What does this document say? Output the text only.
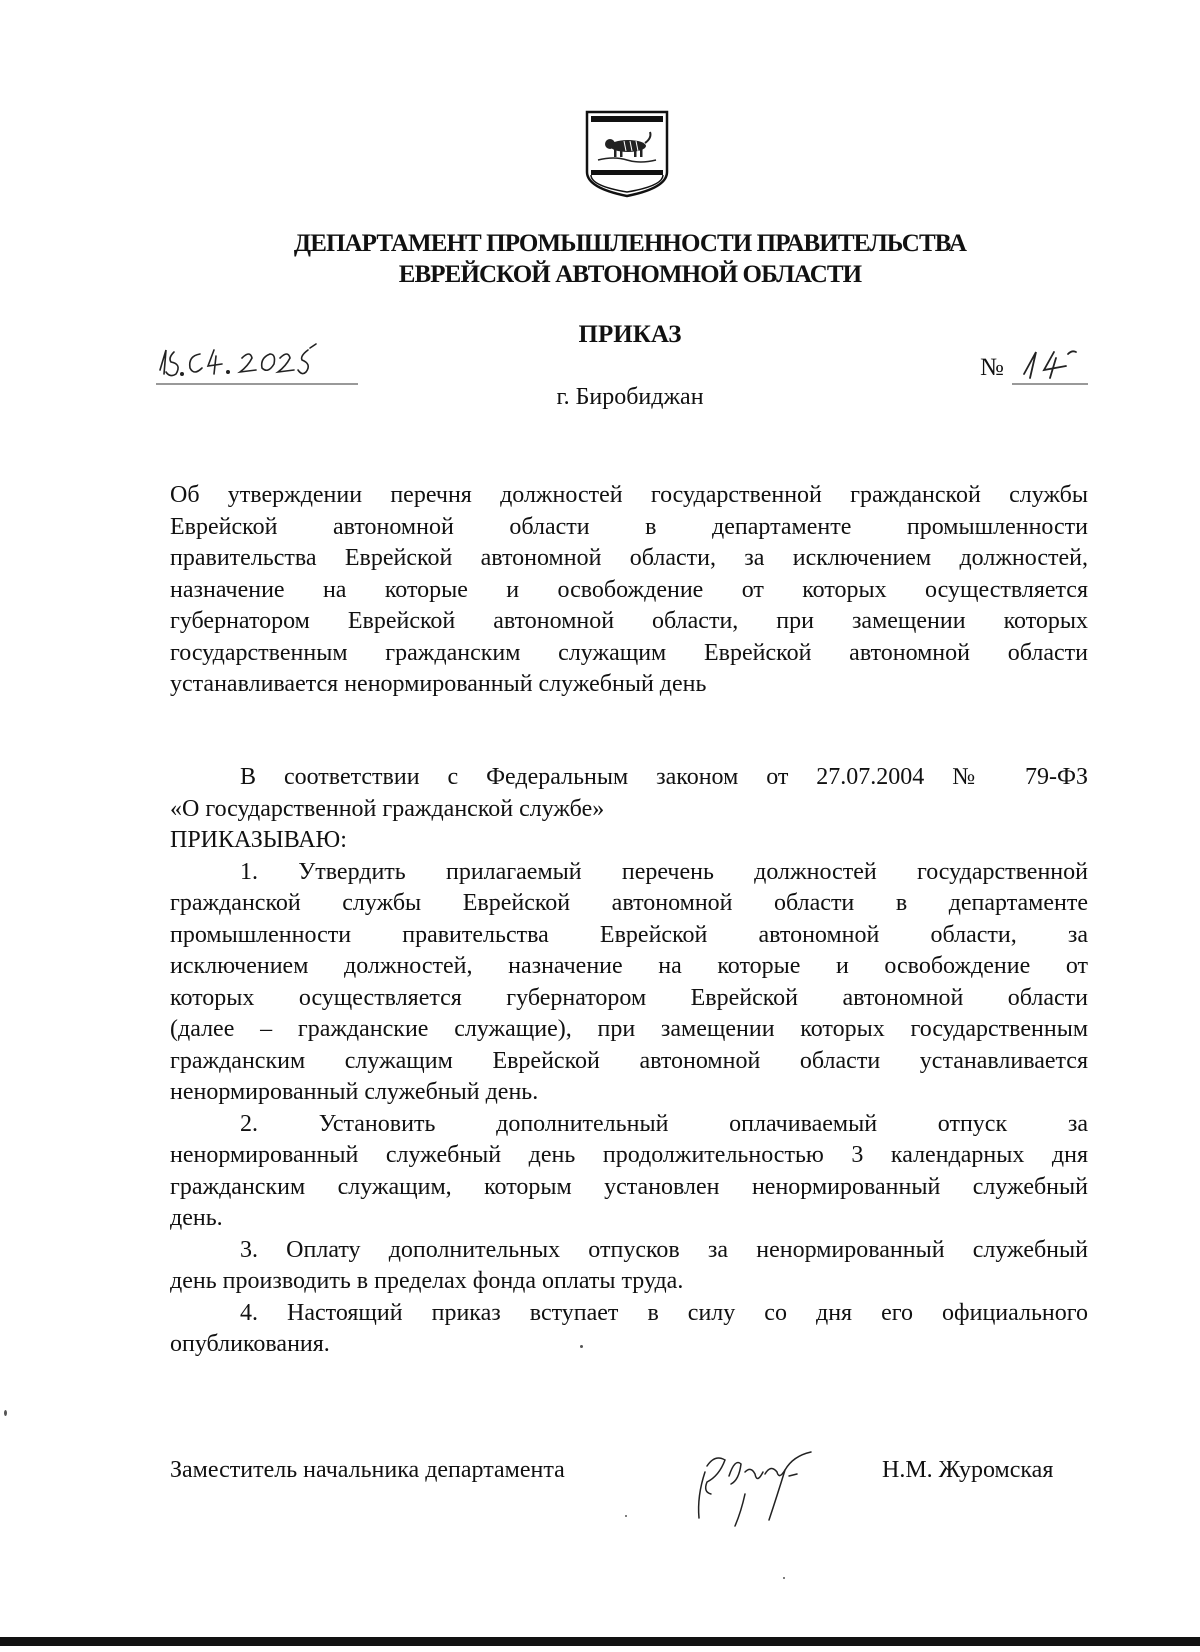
ДЕПАРТАМЕНТ ПРОМЫШЛЕННОСТИ ПРАВИТЕЛЬСТВА
ЕВРЕЙСКОЙ АВТОНОМНОЙ ОБЛАСТИ
ПРИКАЗ
№
г. Биробиджан
Об утверждении перечня должностей государственной гражданской службы
Еврейской автономной области в департаменте промышленности
правительства Еврейской автономной области, за исключением должностей,
назначение на которые и освобождение от которых осуществляется
губернатором Еврейской автономной области, при замещении которых
государственным гражданским служащим Еврейской автономной области
устанавливается ненормированный служебный день
В соответствии с Федеральным законом от 27.07.2004 № 79-ФЗ
«О государственной гражданской службе»
ПРИКАЗЫВАЮ:
1. Утвердить прилагаемый перечень должностей государственной
гражданской службы Еврейской автономной области в департаменте
промышленности правительства Еврейской автономной области, за
исключением должностей, назначение на которые и освобождение от
которых осуществляется губернатором Еврейской автономной области
(далее – гражданские служащие), при замещении которых государственным
гражданским служащим Еврейской автономной области устанавливается
ненормированный служебный день.
2. Установить дополнительный оплачиваемый отпуск за
ненормированный служебный день продолжительностью 3 календарных дня
гражданским служащим, которым установлен ненормированный служебный
день.
3. Оплату дополнительных отпусков за ненормированный служебный
день производить в пределах фонда оплаты труда.
4. Настоящий приказ вступает в силу со дня его официального
опубликования.
Заместитель начальника департамента	Н.М. Журомская
